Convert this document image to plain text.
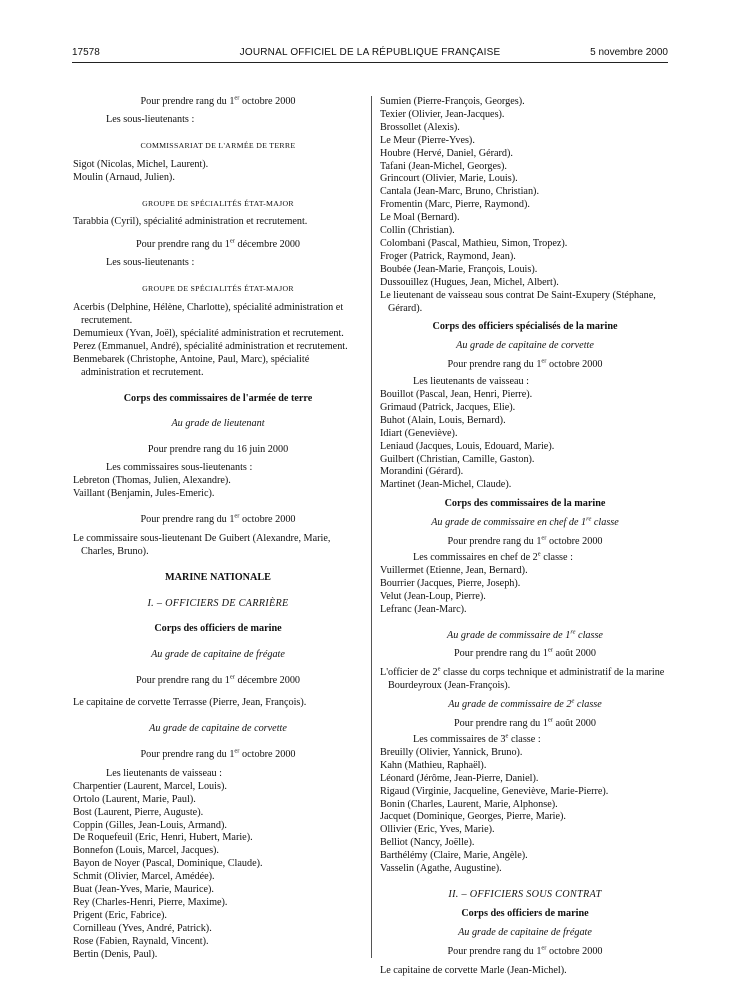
17578	JOURNAL OFFICIEL DE LA RÉPUBLIQUE FRANÇAISE	5 novembre 2000

Pour prendre rang du 1er octobre 2000

Les sous-lieutenants :

COMMISSARIAT DE L'ARMÉE DE TERRE

Sigot (Nicolas, Michel, Laurent).

Moulin (Arnaud, Julien).

GROUPE DE SPÉCIALITÉS ÉTAT-MAJOR

Tarabbia (Cyril), spécialité administration et recrutement.

Pour prendre rang du 1er décembre 2000

Les sous-lieutenants :

GROUPE DE SPÉCIALITÉS ÉTAT-MAJOR

Acerbis (Delphine, Hélène, Charlotte), spécialité administration et recrutement.

Demumieux (Yvan, Joël), spécialité administration et recrutement.

Perez (Emmanuel, André), spécialité administration et recrutement.

Benmebarek (Christophe, Antoine, Paul, Marc), spécialité administration et recrutement.

Corps des commissaires de l'armée de terre

Au grade de lieutenant

Pour prendre rang du 16 juin 2000

Les commissaires sous-lieutenants :

Lebreton (Thomas, Julien, Alexandre).

Vaillant (Benjamin, Jules-Emeric).

Pour prendre rang du 1er octobre 2000

Le commissaire sous-lieutenant De Guibert (Alexandre, Marie, Charles, Bruno).

MARINE NATIONALE

I. – OFFICIERS DE CARRIÈRE

Corps des officiers de marine

Au grade de capitaine de frégate

Pour prendre rang du 1er décembre 2000

Le capitaine de corvette Terrasse (Pierre, Jean, François).

Au grade de capitaine de corvette

Pour prendre rang du 1er octobre 2000

Les lieutenants de vaisseau :

Charpentier (Laurent, Marcel, Louis).

Ortolo (Laurent, Marie, Paul).

Bost (Laurent, Pierre, Auguste).

Coppin (Gilles, Jean-Louis, Armand).

De Roquefeuil (Eric, Henri, Hubert, Marie).

Bonnefon (Louis, Marcel, Jacques).

Bayon de Noyer (Pascal, Dominique, Claude).

Schmit (Olivier, Marcel, Amédée).

Buat (Jean-Yves, Marie, Maurice).

Rey (Charles-Henri, Pierre, Maxime).

Prigent (Eric, Fabrice).

Cornilleau (Yves, André, Patrick).

Rose (Fabien, Raynald, Vincent).

Bertin (Denis, Paul).

Sumien (Pierre-François, Georges).

Texier (Olivier, Jean-Jacques).

Brossollet (Alexis).

Le Meur (Pierre-Yves).

Houbre (Hervé, Daniel, Gérard).

Tafani (Jean-Michel, Georges).

Grincourt (Olivier, Marie, Louis).

Cantala (Jean-Marc, Bruno, Christian).

Fromentin (Marc, Pierre, Raymond).

Le Moal (Bernard).

Collin (Christian).

Colombani (Pascal, Mathieu, Simon, Tropez).

Froger (Patrick, Raymond, Jean).

Boubée (Jean-Marie, François, Louis).

Dussouillez (Hugues, Jean, Michel, Albert).

Le lieutenant de vaisseau sous contrat De Saint-Exupery (Stéphane, Gérard).

Corps des officiers spécialisés de la marine

Au grade de capitaine de corvette

Pour prendre rang du 1er octobre 2000

Les lieutenants de vaisseau :

Bouillot (Pascal, Jean, Henri, Pierre).

Grimaud (Patrick, Jacques, Elie).

Buhot (Alain, Louis, Bernard).

Idiart (Geneviève).

Leniaud (Jacques, Louis, Edouard, Marie).

Guilbert (Christian, Camille, Gaston).

Morandini (Gérard).

Martinet (Jean-Michel, Claude).

Corps des commissaires de la marine

Au grade de commissaire en chef de 1re classe

Pour prendre rang du 1er octobre 2000

Les commissaires en chef de 2e classe :

Vuillermet (Etienne, Jean, Bernard).

Bourrier (Jacques, Pierre, Joseph).

Velut (Jean-Loup, Pierre).

Lefranc (Jean-Marc).

Au grade de commissaire de 1re classe

Pour prendre rang du 1er août 2000

L'officier de 2e classe du corps technique et administratif de la marine Bourdeyroux (Jean-François).

Au grade de commissaire de 2e classe

Pour prendre rang du 1er août 2000

Les commissaires de 3e classe :

Breuilly (Olivier, Yannick, Bruno).

Kahn (Mathieu, Raphaël).

Léonard (Jérôme, Jean-Pierre, Daniel).

Rigaud (Virginie, Jacqueline, Geneviève, Marie-Pierre).

Bonin (Charles, Laurent, Marie, Alphonse).

Jacquet (Dominique, Georges, Pierre, Marie).

Ollivier (Eric, Yves, Marie).

Belliot (Nancy, Joëlle).

Barthélémy (Claire, Marie, Angèle).

Vasselin (Agathe, Augustine).

II. – OFFICIERS SOUS CONTRAT

Corps des officiers de marine

Au grade de capitaine de frégate

Pour prendre rang du 1er octobre 2000

Le capitaine de corvette Marle (Jean-Michel).
